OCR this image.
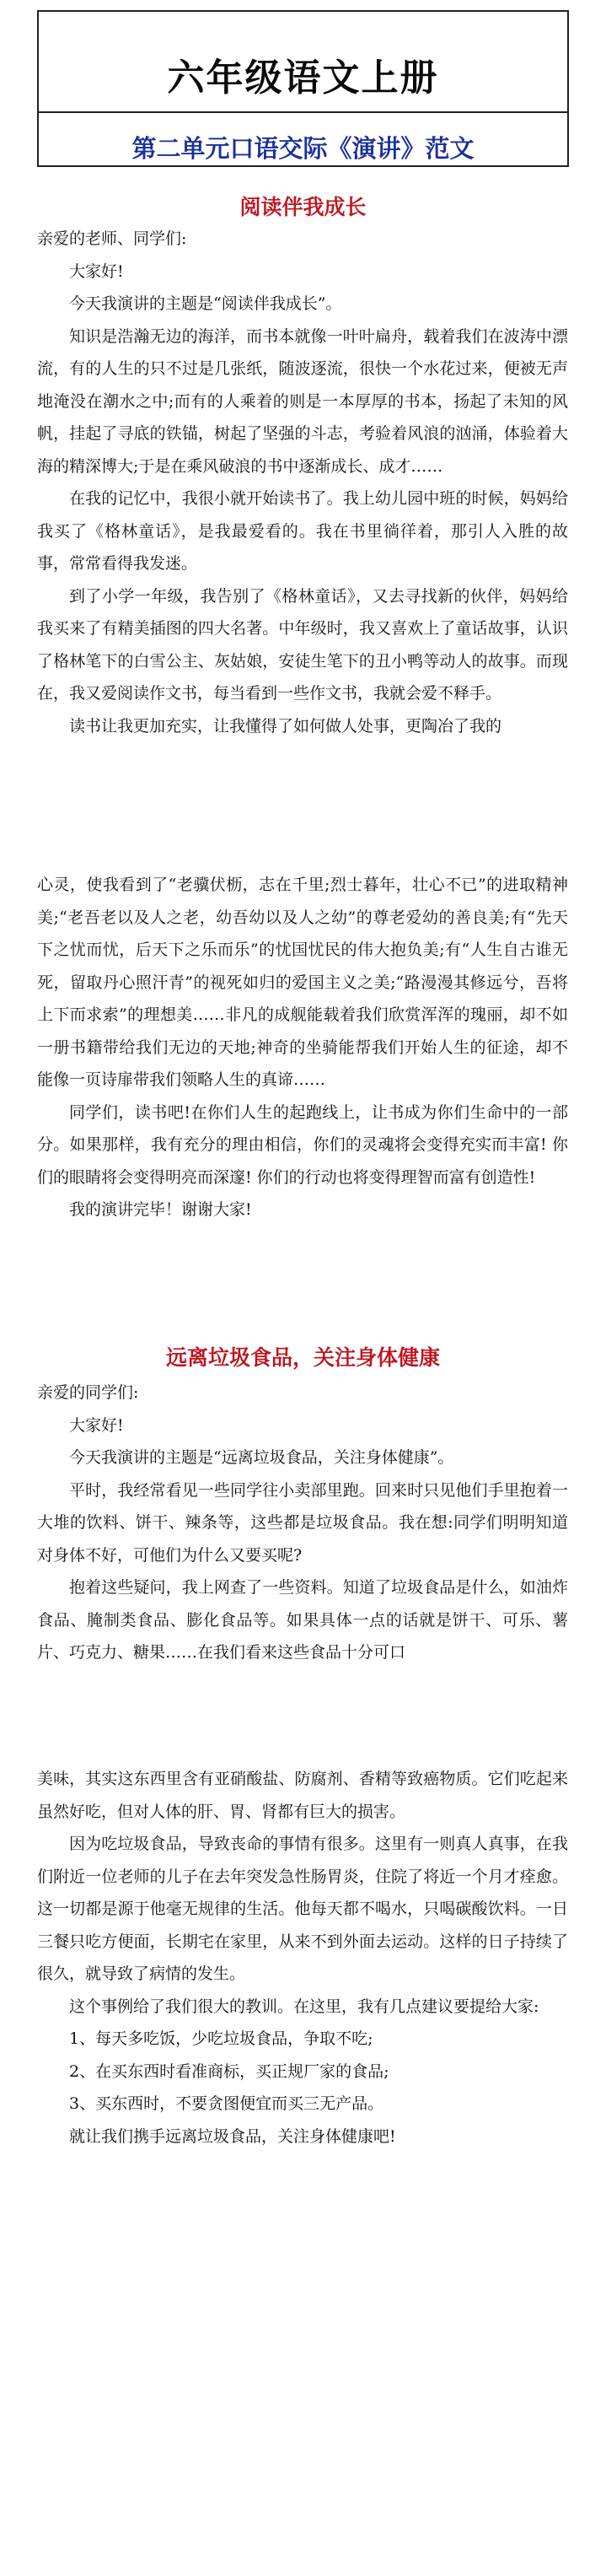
六年级语文上册
第二单元口语交际《演讲》范文
阅读伴我成长

亲爱的老师、同学们:

大家好!

今天我演讲的主题是“阅读伴我成长”。

知识是浩瀚无边的海洋，而书本就像一叶叶扁舟，载着我们在波涛中漂流，有的人生的只不过是几张纸，随波逐流，很快一个水花过来，便被无声地淹没在潮水之中;而有的人乘着的则是一本厚厚的书本，扬起了未知的风帆，挂起了寻底的铁锚，树起了坚强的斗志，考验着风浪的汹涌，体验着大海的精深博大;于是在乘风破浪的书中逐渐成长、成才……

在我的记忆中，我很小就开始读书了。我上幼儿园中班的时候，妈妈给我买了《格林童话》，是我最爱看的。我在书里徜徉着，那引人入胜的故事，常常看得我发迷。

到了小学一年级，我告别了《格林童话》，又去寻找新的伙伴，妈妈给我买来了有精美插图的四大名著。中年级时，我又喜欢上了童话故事，认识了格林笔下的白雪公主、灰姑娘，安徒生笔下的丑小鸭等动人的故事。而现在，我又爱阅读作文书，每当看到一些作文书，我就会爱不释手。

读书让我更加充实，让我懂得了如何做人处事，更陶冶了我的

心灵，使我看到了“老骥伏枥，志在千里;烈士暮年，壮心不已”的进取精神美;“老吾老以及人之老，幼吾幼以及人之幼”的尊老爱幼的善良美;有“先天下之忧而忧，后天下之乐而乐”的忧国忧民的伟大抱负美;有“人生自古谁无死，留取丹心照汗青”的视死如归的爱国主义之美;“路漫漫其修远兮，吾将上下而求索”的理想美……非凡的成舰能载着我们欣赏浑浑的瑰丽，却不如一册书籍带给我们无边的天地;神奇的坐骑能帮我们开始人生的征途，却不能像一页诗扉带我们领略人生的真谛……

同学们，读书吧!在你们人生的起跑线上，让书成为你们生命中的一部分。如果那样，我有充分的理由相信，你们的灵魂将会变得充实而丰富! 你们的眼睛将会变得明亮而深邃! 你们的行动也将变得理智而富有创造性!

我的演讲完毕！谢谢大家!

远离垃圾食品，关注身体健康

亲爱的同学们:

大家好!

今天我演讲的主题是“远离垃圾食品，关注身体健康”。

平时，我经常看见一些同学往小卖部里跑。回来时只见他们手里抱着一大堆的饮料、饼干、辣条等，这些都是垃圾食品。我在想:同学们明明知道对身体不好，可他们为什么又要买呢?

抱着这些疑问，我上网查了一些资料。知道了垃圾食品是什么，如油炸食品、腌制类食品、膨化食品等。如果具体一点的话就是饼干、可乐、薯片、巧克力、糖果……在我们看来这些食品十分可口

美味，其实这东西里含有亚硝酸盐、防腐剂、香精等致癌物质。它们吃起来虽然好吃，但对人体的肝、胃、肾都有巨大的损害。

因为吃垃圾食品，导致丧命的事情有很多。这里有一则真人真事，在我们附近一位老师的儿子在去年突发急性肠胃炎，住院了将近一个月才痊愈。这一切都是源于他毫无规律的生活。他每天都不喝水，只喝碳酸饮料。一日三餐只吃方便面，长期宅在家里，从来不到外面去运动。这样的日子持续了很久，就导致了病情的发生。

这个事例给了我们很大的教训。在这里，我有几点建议要提给大家:

1、每天多吃饭，少吃垃圾食品，争取不吃;

2、在买东西时看准商标，买正规厂家的食品;

3、买东西时，不要贪图便宜而买三无产品。

就让我们携手远离垃圾食品，关注身体健康吧!
